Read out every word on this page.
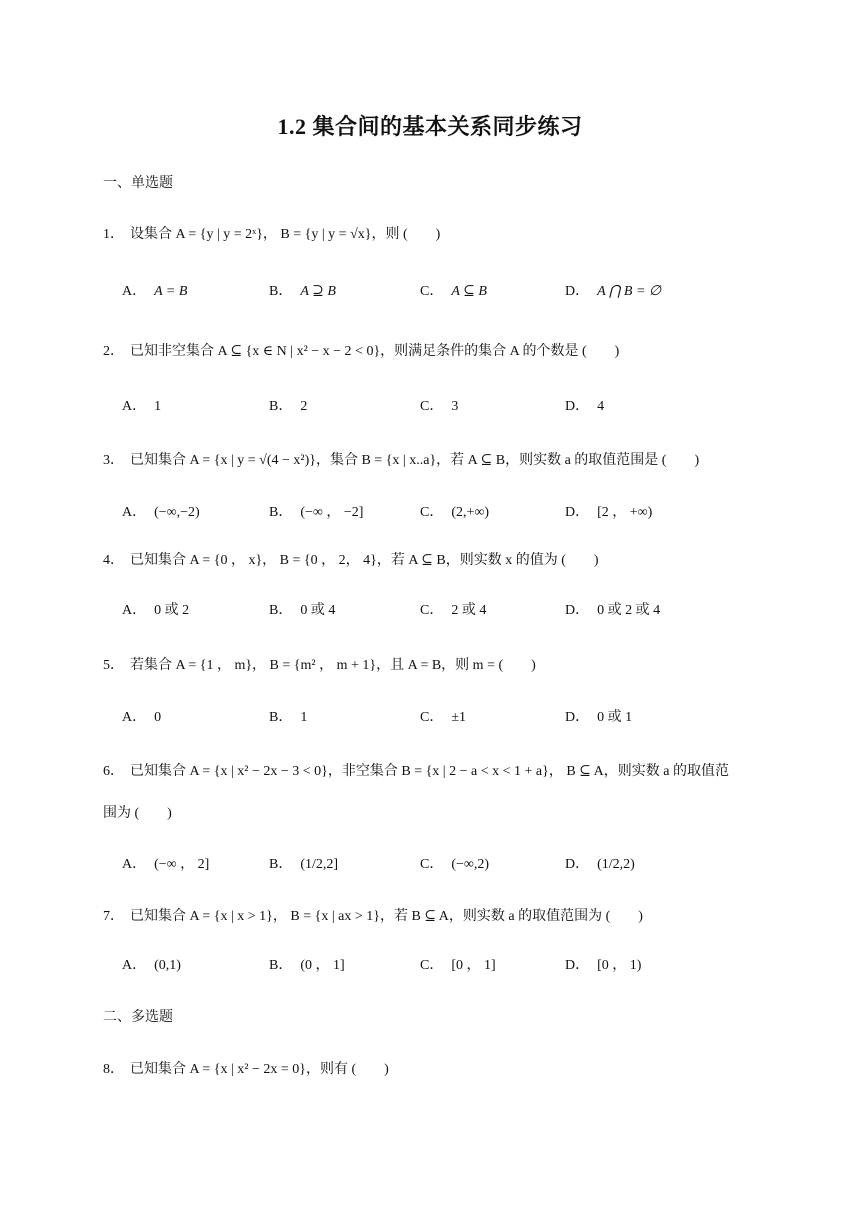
1.2 集合间的基本关系同步练习
一、单选题
1． 设集合 A = {y | y = 2ˣ}， B = {y | y = √x}，则 (　　)
A． A = B	B． A ⊇ B	C． A ⊆ B	D． A ⋂ B = ∅
2． 已知非空集合 A ⊆ {x ∈ N | x² − x − 2 < 0}，则满足条件的集合 A 的个数是 (　　)
A． 1	B． 2	C． 3	D． 4
3． 已知集合 A = {x | y = √(4 − x²)}，集合 B = {x | x..a}，若 A ⊆ B，则实数 a 的取值范围是 (　　)
A． (−∞,−2)	B． (−∞ ， −2]	C． (2,+∞)	D． [2 ， +∞)
4． 已知集合 A = {0 ， x}， B = {0 ， 2， 4}，若 A ⊆ B，则实数 x 的值为 (　　)
A． 0 或 2	B． 0 或 4	C． 2 或 4	D． 0 或 2 或 4
5． 若集合 A = {1 ， m}， B = {m² ， m + 1}，且 A = B，则 m = (　　)
A． 0	B． 1	C． ±1	D． 0 或 1
6． 已知集合 A = {x | x² − 2x − 3 < 0}，非空集合 B = {x | 2 − a < x < 1 + a}， B ⊆ A，则实数 a 的取值范
围为 (　　)
A． (−∞ ， 2]	B． (1/2,2]	C． (−∞,2)	D． (1/2,2)
7． 已知集合 A = {x | x > 1}， B = {x | ax > 1}，若 B ⊆ A，则实数 a 的取值范围为 (　　)
A． (0,1)	B． (0 ， 1]	C． [0 ， 1]	D． [0 ， 1)
二、多选题
8． 已知集合 A = {x | x² − 2x = 0}，则有 (　　)
